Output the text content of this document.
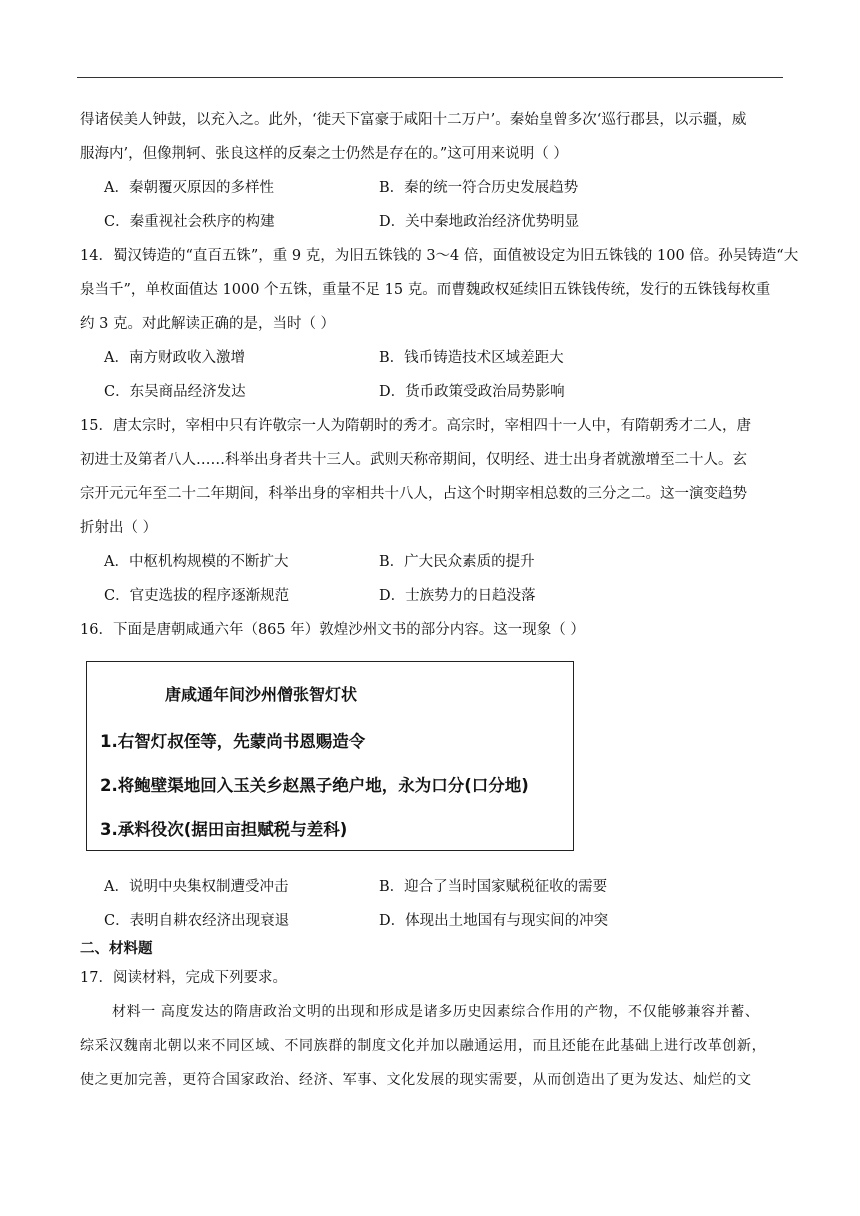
得诸侯美人钟鼓，以充入之。此外，‘徙天下富豪于咸阳十二万户’。秦始皇曾多次‘巡行郡县，以示疆，威
服海内’，但像荆轲、张良这样的反秦之士仍然是存在的。”这可用来说明（ ）
A．秦朝覆灭原因的多样性	B．秦的统一符合历史发展趋势
C．秦重视社会秩序的构建	D．关中秦地政治经济优势明显
14．蜀汉铸造的“直百五铢”，重 9 克，为旧五铢钱的 3～4 倍，面值被设定为旧五铢钱的 100 倍。孙吴铸造“大
泉当千”，单枚面值达 1000 个五铢，重量不足 15 克。而曹魏政权延续旧五铢钱传统，发行的五铢钱每枚重
约 3 克。对此解读正确的是，当时（ ）
A．南方财政收入激增	B．钱币铸造技术区域差距大
C．东吴商品经济发达	D．货币政策受政治局势影响
15．唐太宗时，宰相中只有许敬宗一人为隋朝时的秀才。高宗时，宰相四十一人中，有隋朝秀才二人，唐
初进士及第者八人……科举出身者共十三人。武则天称帝期间，仅明经、进士出身者就激增至二十人。玄
宗开元元年至二十二年期间，科举出身的宰相共十八人，占这个时期宰相总数的三分之二。这一演变趋势
折射出（ ）
A．中枢机构规模的不断扩大	B．广大民众素质的提升
C．官吏选拔的程序逐渐规范	D．士族势力的日趋没落
16．下面是唐朝咸通六年（865 年）敦煌沙州文书的部分内容。这一现象（ ）
唐咸通年间沙州僧张智灯状
1.右智灯叔侄等，先蒙尚书恩赐造令
2.将鲍壁渠地回入玉关乡赵黑子绝户地，永为口分(口分地)
3.承料役次(据田亩担赋税与差科)
A．说明中央集权制遭受冲击	B．迎合了当时国家赋税征收的需要
C．表明自耕农经济出现衰退	D．体现出土地国有与现实间的冲突
二、材料题
17．阅读材料，完成下列要求。
材料一 高度发达的隋唐政治文明的出现和形成是诸多历史因素综合作用的产物，不仅能够兼容并蓄、
综采汉魏南北朝以来不同区域、不同族群的制度文化并加以融通运用，而且还能在此基础上进行改革创新，
使之更加完善，更符合国家政治、经济、军事、文化发展的现实需要，从而创造出了更为发达、灿烂的文
